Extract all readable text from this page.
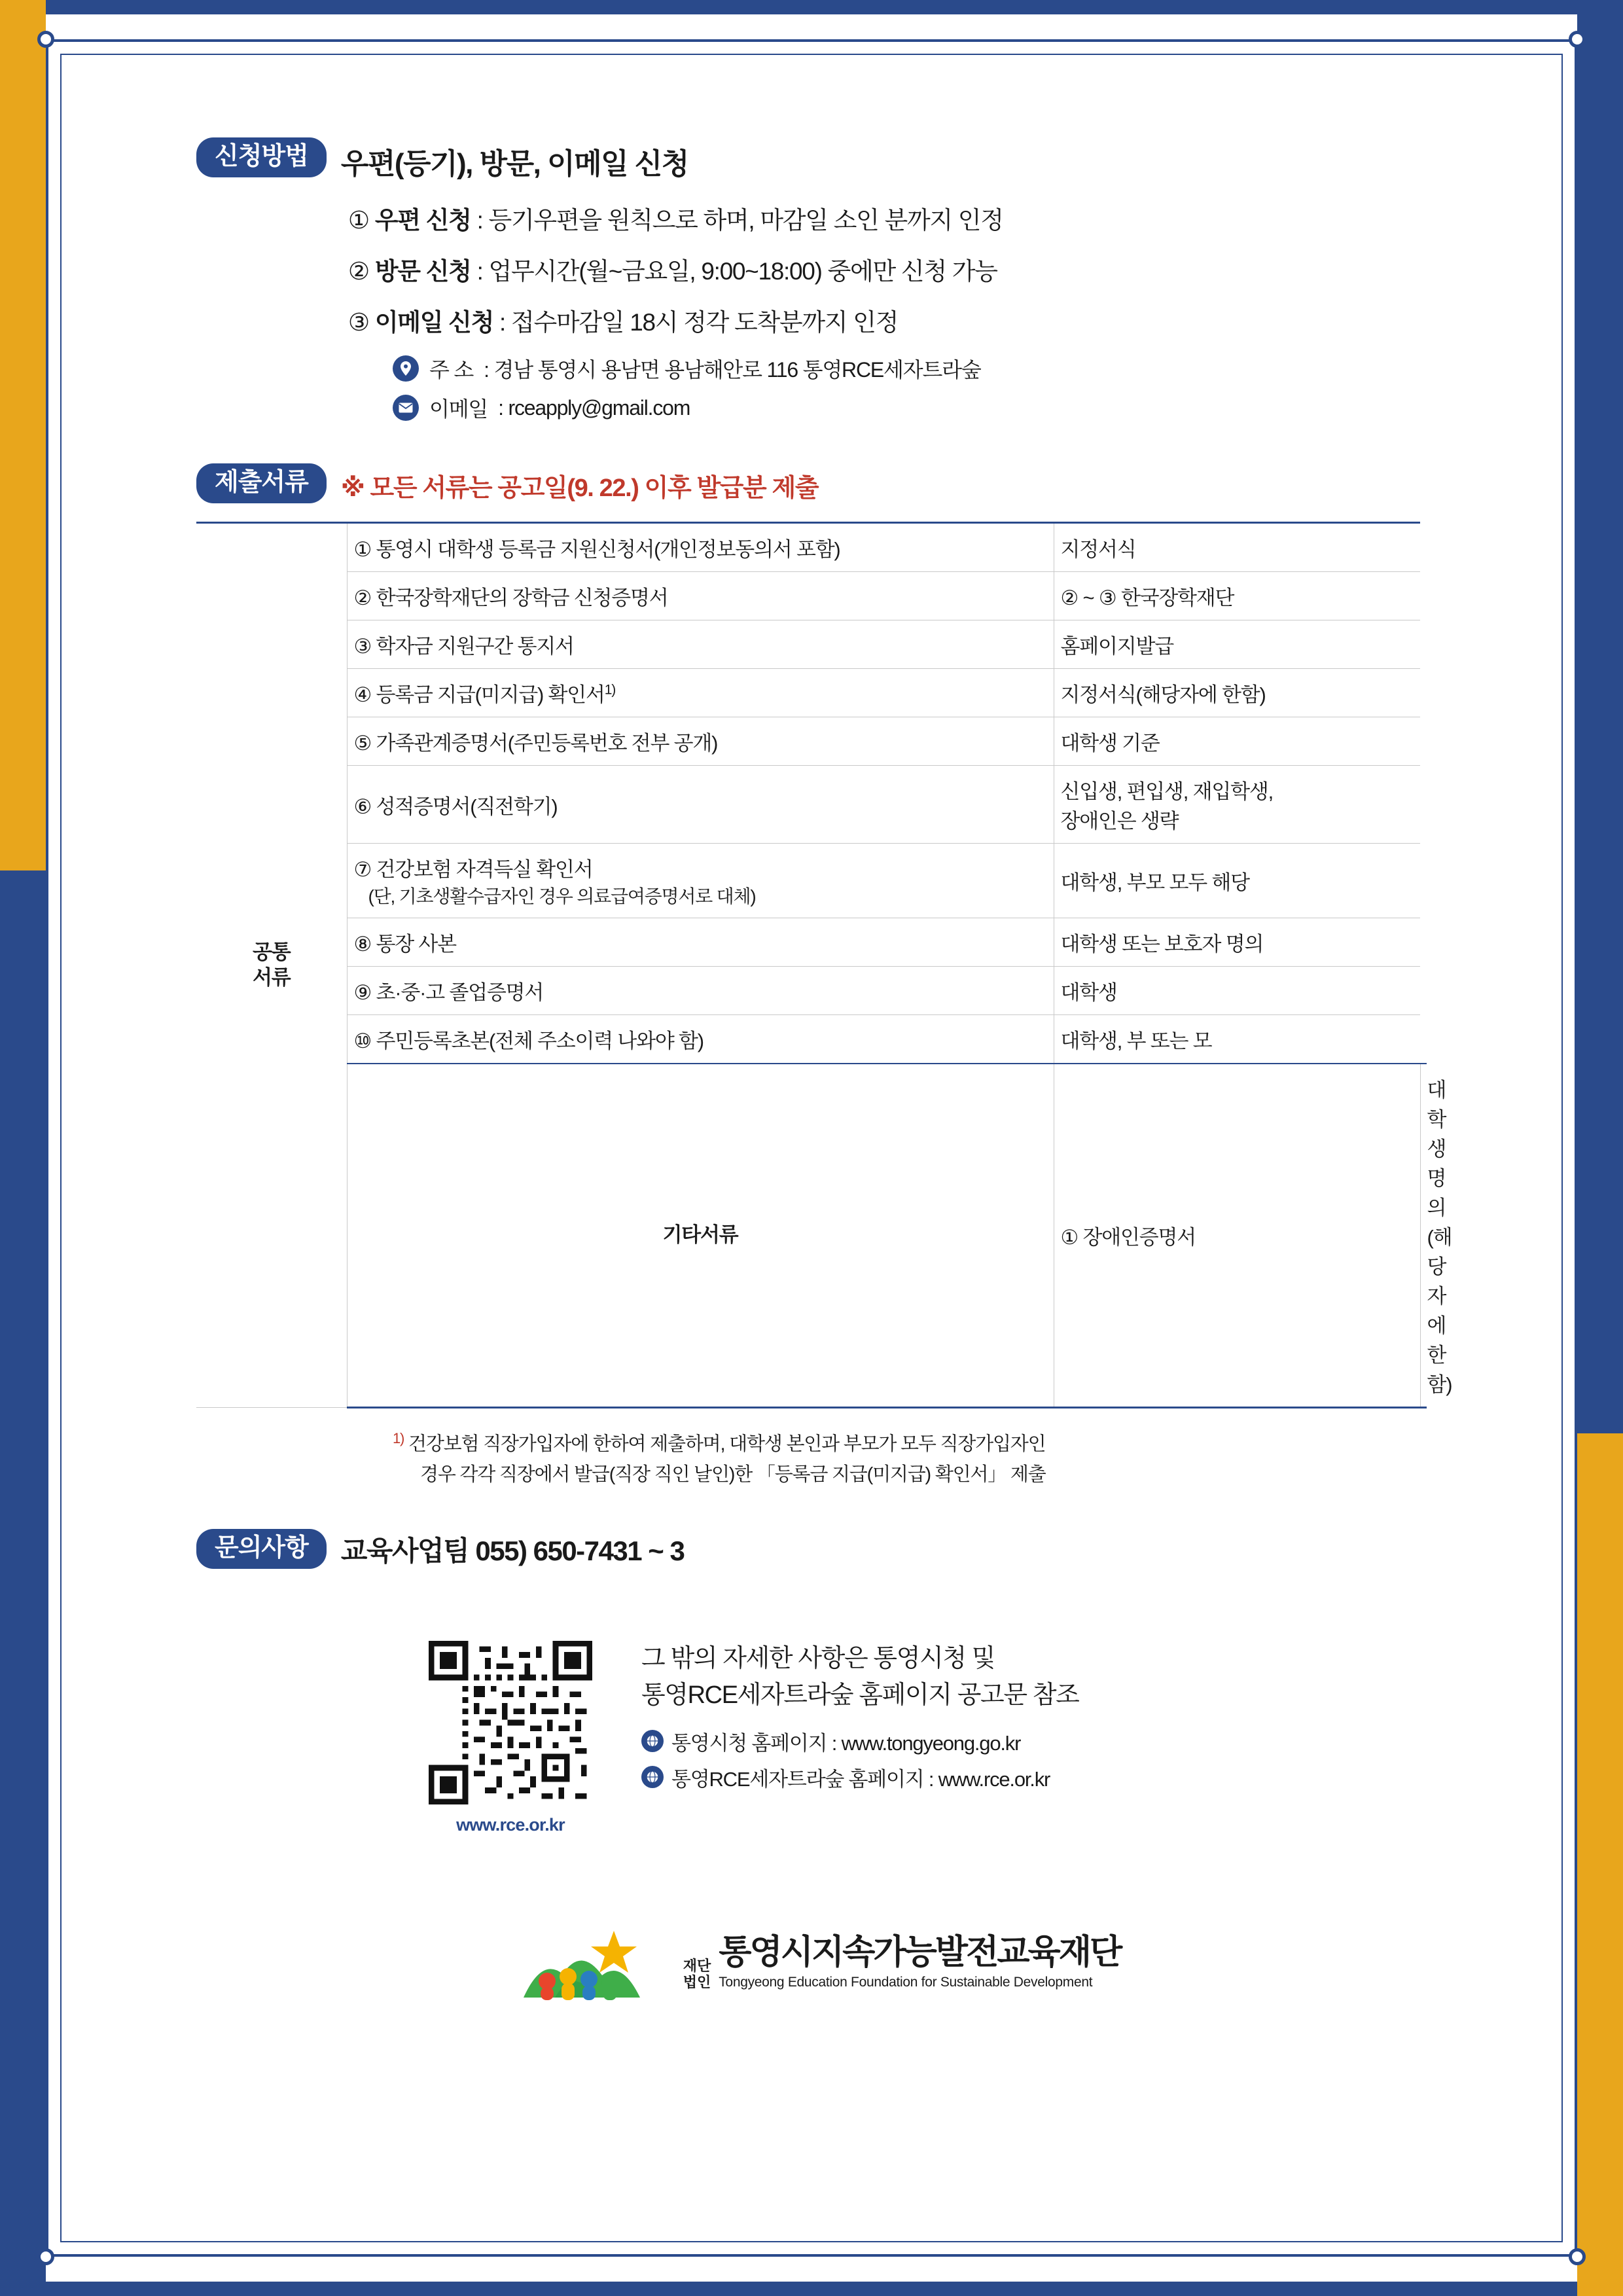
신청방법	우편(등기), 방문, 이메일 신청
① 우편 신청 : 등기우편을 원칙으로 하며, 마감일 소인 분까지 인정
② 방문 신청 : 업무시간(월~금요일, 9:00~18:00) 중에만 신청 가능
③ 이메일 신청 : 접수마감일 18시 정각 도착분까지 인정
주 소 : 경남 통영시 용남면 용남해안로 116 통영RCE세자트라숲
이메일 : rceapply@gmail.com
제출서류	※ 모든 서류는 공고일(9. 22.) 이후 발급분 제출
공통
서류	① 통영시 대학생 등록금 지원신청서(개인정보동의서 포함)	지정서식	
	② 한국장학재단의 장학금 신청증명서	② ~ ③ 한국장학재단	
	③ 학자금 지원구간 통지서	홈페이지발급	
	④ 등록금 지급(미지급) 확인서$^{1)}$	지정서식(해당자에 한함)	
	⑤ 가족관계증명서(주민등록번호 전부 공개)	대학생 기준	
	⑥ 성적증명서(직전학기)	신입생, 편입생, 재입학생,
장애인은 생략	

	⑦ 건강보험 자격득실 확인서
(단, 기초생활수급자인 경우 의료급여증명서로 대체)	대학생, 부모 모두 해당	
	⑧ 통장 사본	대학생 또는 보호자 명의	
	⑨ 초·중·고 졸업증명서	대학생	
	⑩ 주민등록초본(전체 주소이력 나와야 함)	대학생, 부 또는 모	
	기타서류	① 장애인증명서	대학생 명의(해당자에 한함)
$^{1)}$ 건강보험 직장가입자에 한하여 제출하며, 대학생 본인과 부모가 모두 직장가입자인
경우 각각 직장에서 발급(직장 직인 날인)한 「등록금 지급(미지급) 확인서」 제출
문의사항	교육사업팀 055) 650-7431 ~ 3
www.rce.or.kr
그 밖의 자세한 사항은 통영시청 및
통영RCE세자트라숲 홈페이지 공고문 참조
통영시청 홈페이지 : www.tongyeong.go.kr
통영RCE세자트라숲 홈페이지 : www.rce.or.kr
재단
법인
통영시지속가능발전교육재단
Tongyeong Education Foundation for Sustainable Development
